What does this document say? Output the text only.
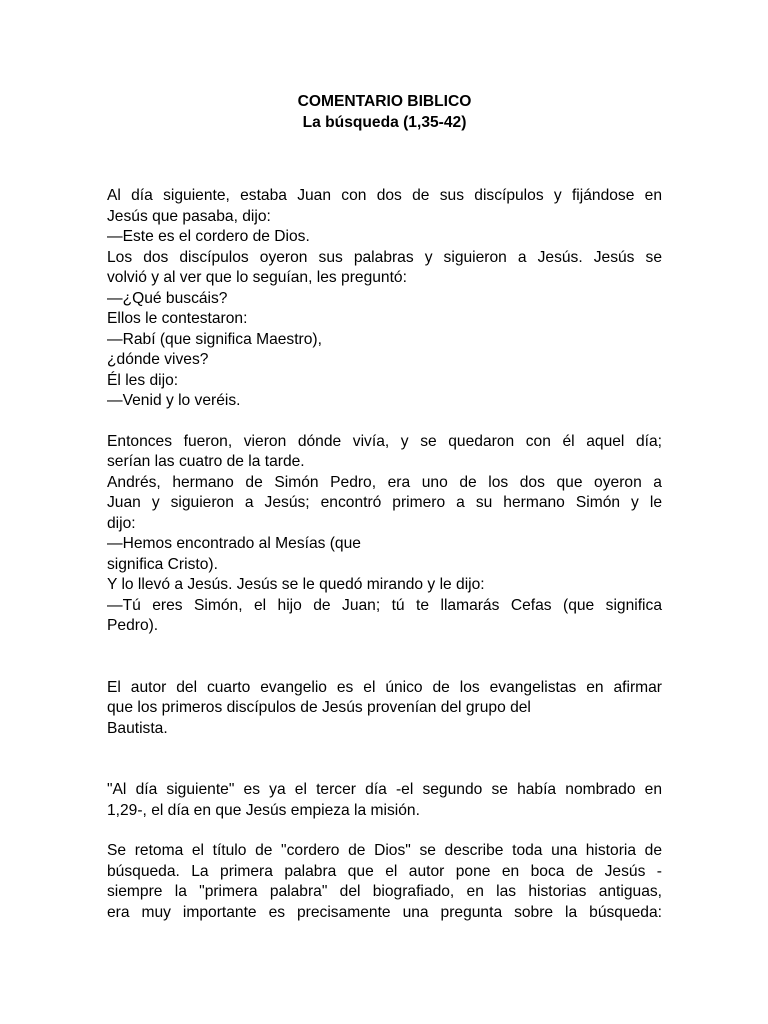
COMENTARIO BIBLICO
La búsqueda (1,35-42)
Al día siguiente, estaba Juan con dos de sus discípulos y fijándose en
Jesús que pasaba, dijo:
—Este es el cordero de Dios.
Los dos discípulos oyeron sus palabras y siguieron a Jesús. Jesús se
volvió y al ver que lo seguían, les preguntó:
—¿Qué buscáis?
Ellos le contestaron:
—Rabí (que significa Maestro),
¿dónde vives?
Él les dijo:
—Venid y lo veréis.
Entonces fueron, vieron dónde vivía, y se quedaron con él aquel día;
serían las cuatro de la tarde.
Andrés, hermano de Simón Pedro, era uno de los dos que oyeron a
Juan y siguieron a Jesús; encontró primero a su hermano Simón y le
dijo:
—Hemos encontrado al Mesías (que
significa Cristo).
Y lo llevó a Jesús. Jesús se le quedó mirando y le dijo:
—Tú eres Simón, el hijo de Juan; tú te llamarás Cefas (que significa
Pedro).
El autor del cuarto evangelio es el único de los evangelistas en afirmar
que los primeros discípulos de Jesús provenían del grupo del
Bautista.
"Al día siguiente" es ya el tercer día -el segundo se había nombrado en
1,29-, el día en que Jesús empieza la misión.
Se retoma el título de "cordero de Dios" se describe toda una historia de
búsqueda. La primera palabra que el autor pone en boca de Jesús -
siempre la "primera palabra" del biografiado, en las historias antiguas,
era muy importante es precisamente una pregunta sobre la búsqueda:
